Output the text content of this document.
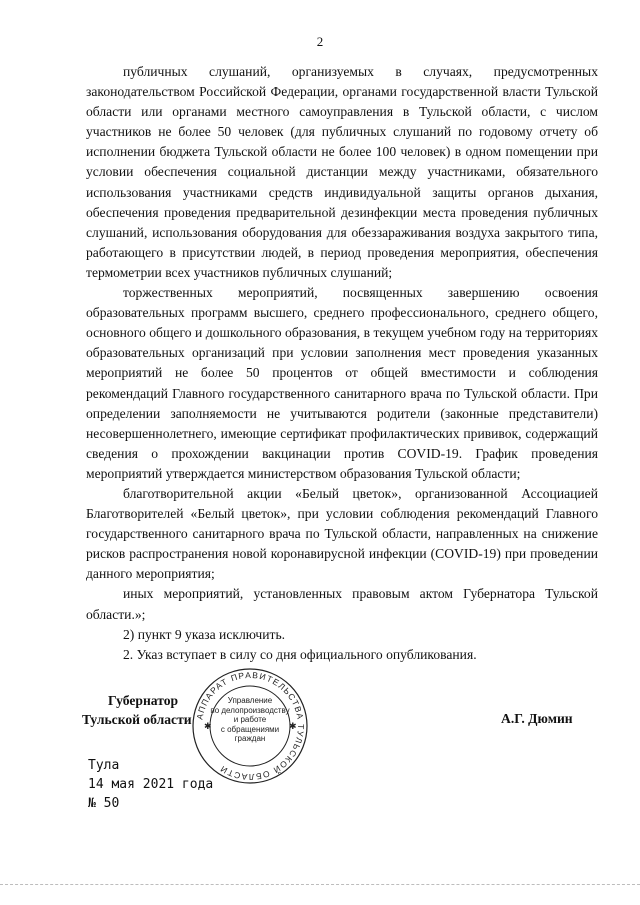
2

публичных слушаний, организуемых в случаях, предусмотренных законодательством Российской Федерации, органами государственной власти Тульской области или органами местного самоуправления в Тульской области, с числом участников не более 50 человек (для публичных слушаний по годовому отчету об исполнении бюджета Тульской области не более 100 человек) в одном помещении при условии обеспечения социальной дистанции между участниками, обязательного использования участниками средств индивидуальной защиты органов дыхания, обеспечения проведения предварительной дезинфекции места проведения публичных слушаний, использования оборудования для обеззараживания воздуха закрытого типа, работающего в присутствии людей, в период проведения мероприятия, обеспечения термометрии всех участников публичных слушаний;

торжественных мероприятий, посвященных завершению освоения образовательных программ высшего, среднего профессионального, среднего общего, основного общего и дошкольного образования, в текущем учебном году на территориях образовательных организаций при условии заполнения мест проведения указанных мероприятий не более 50 процентов от общей вместимости и соблюдения рекомендаций Главного государственного санитарного врача по Тульской области. При определении заполняемости не учитываются родители (законные представители) несовершеннолетнего, имеющие сертификат профилактических прививок, содержащий сведения о прохождении вакцинации против COVID-19. График проведения мероприятий утверждается министерством образования Тульской области;

благотворительной акции «Белый цветок», организованной Ассоциацией Благотворителей «Белый цветок», при условии соблюдения рекомендаций Главного государственного санитарного врача по Тульской области, направленных на снижение рисков распространения новой коронавирусной инфекции (COVID-19) при проведении данного мероприятия;

иных мероприятий, установленных правовым актом Губернатора Тульской области.»;

2) пункт 9 указа исключить.

2. Указ вступает в силу со дня официального опубликования.

Губернатор
Тульской области	А.Г. Дюмин
АППАРАТ ПРАВИТЕЛЬСТВА ТУЛЬСКОЙ ОБЛАСТИ
✱	✱
Управление
по делопроизводству
и работе
с обращениями
граждан
Тула
14 мая 2021 года
№ 50
